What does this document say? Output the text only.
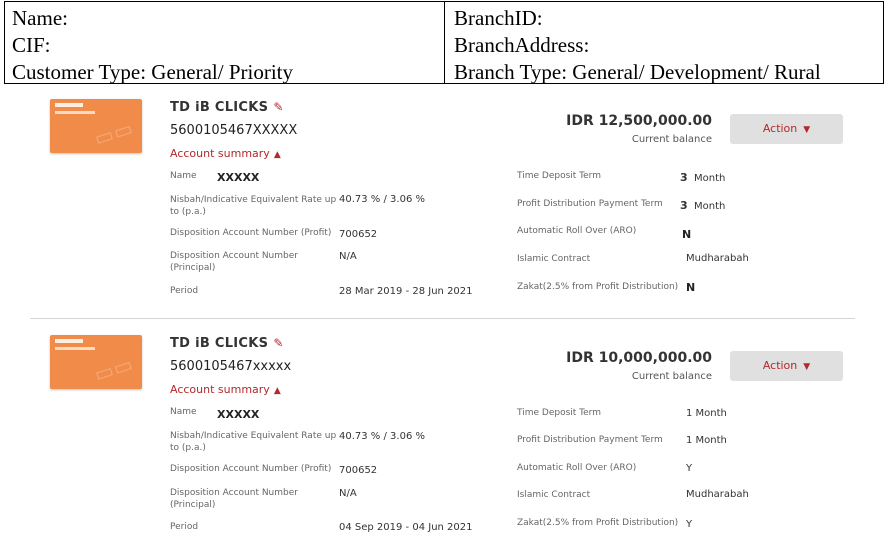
Name:
CIF:
Customer Type: General/ Priority
BranchID:
BranchAddress:
Branch Type: General/ Development/ Rural
▭▭
TD iB CLICKS ✎
5600105467XXXXX
Account summary ▲
IDR 12,500,000.00
Current balance
Action ▼
Name XXXXX
Nisbah/Indicative Equivalent Rate up
to (p.a.)
40.73 % / 3.06 %
Disposition Account Number (Profit) 700652
Disposition Account Number
(Principal)
N/A
Period	28 Mar 2019 - 28 Jun 2021
Time Deposit Term	3 Month
Profit Distribution Payment Term 3 Month
Automatic Roll Over (ARO)	N
Islamic Contract	Mudharabah
Zakat(2.5% from Profit Distribution) N
▭▭
TD iB CLICKS ✎
5600105467xxxxx
Account summary ▲
IDR 10,000,000.00
Current balance
Action ▼
Name XXXXX
Nisbah/Indicative Equivalent Rate up
to (p.a.)
40.73 % / 3.06 %
Disposition Account Number (Profit) 700652
Disposition Account Number
(Principal)
N/A
Period	04 Sep 2019 - 04 Jun 2021
Time Deposit Term	1 Month
Profit Distribution Payment Term 1 Month
Automatic Roll Over (ARO)	Y
Islamic Contract	Mudharabah
Zakat(2.5% from Profit Distribution) Y
